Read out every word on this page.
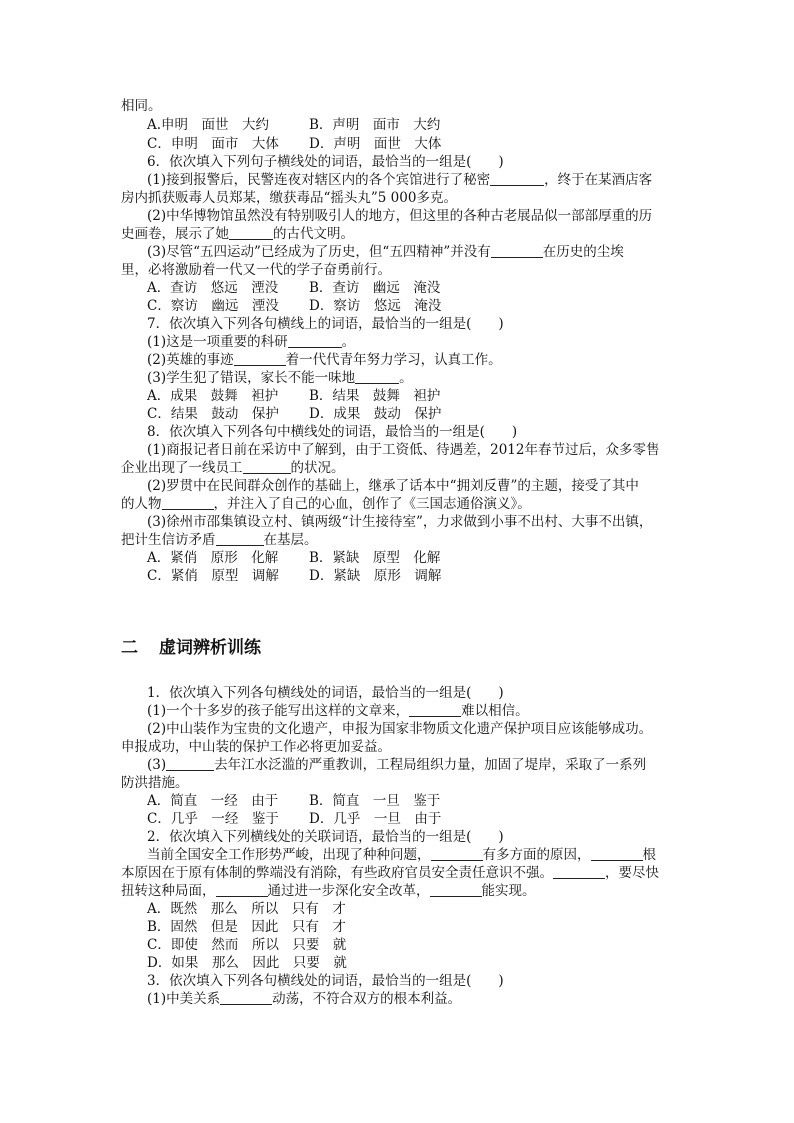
相同。
A.申明　面世　大约	B．声明　面市　大约
C．申明　面市　大体 D．声明　面世　大体
6．依次填入下列句子横线处的词语，最恰当的一组是(　　)
(1)接到报警后，民警连夜对辖区内的各个宾馆进行了秘密	，终于在某酒店客
房内抓获贩毒人员郑某，缴获毒品“摇头丸”5 000多克。
(2)中华博物馆虽然没有特别吸引人的地方，但这里的各种古老展品似一部部厚重的历
史画卷，展示了她	的古代文明。
(3)尽管“五四运动”已经成为了历史，但“五四精神”并没有	在历史的尘埃
里，必将激励着一代又一代的学子奋勇前行。
A．查访　悠远　湮没 B．查访　幽远　淹没
C．察访　幽远　湮没 D．察访　悠远　淹没
7．依次填入下列各句横线上的词语，最恰当的一组是(　　)
(1)这是一项重要的科研	。
(2)英雄的事迹	着一代代青年努力学习，认真工作。
(3)学生犯了错误，家长不能一味地	。
A．成果　鼓舞　袒护 B．结果　鼓舞　袒护
C．结果　鼓动　保护 D．成果　鼓动　保护
8．依次填入下列各句中横线处的词语，最恰当的一组是(　　)
(1)商报记者日前在采访中了解到，由于工资低、待遇差，2012年春节过后，众多零售
企业出现了一线员工	的状况。
(2)罗贯中在民间群众创作的基础上，继承了话本中“拥刘反曹”的主题，接受了其中
的人物	，并注入了自己的心血，创作了《三国志通俗演义》。
(3)徐州市邵集镇设立村、镇两级“计生接待室”，力求做到小事不出村、大事不出镇，
把计生信访矛盾	在基层。
A．紧俏　原形　化解 B．紧缺　原型　化解
C．紧俏　原型　调解 D．紧缺　原形　调解
二 虚词辨析训练
1．依次填入下列各句横线处的词语，最恰当的一组是(　　)
(1)一个十多岁的孩子能写出这样的文章来，	难以相信。
(2)中山装作为宝贵的文化遗产，申报为国家非物质文化遗产保护项目应该能够成功。
申报成功，中山装的保护工作必将更加妥益。
(3)	去年江水泛滥的严重教训，工程局组织力量，加固了堤岸，采取了一系列
防洪措施。
A．简直　一经　由于 B．简直　一旦　鉴于
C．几乎　一经　鉴于 D．几乎　一旦　由于
2．依次填入下列横线处的关联词语，最恰当的一组是(　　)
当前全国安全工作形势严峻，出现了种种问题，	有多方面的原因，	根
本原因在于原有体制的弊端没有消除，有些政府官员安全责任意识不强。	，要尽快
扭转这种局面，	通过进一步深化安全改革，	能实现。
A．既然　那么　所以　只有　才
B．固然　但是　因此　只有　才
C．即使　然而　所以　只要　就
D．如果　那么　因此　只要　就
3．依次填入下列各句横线处的词语，最恰当的一组是(　　)
(1)中美关系	动荡，不符合双方的根本利益。
